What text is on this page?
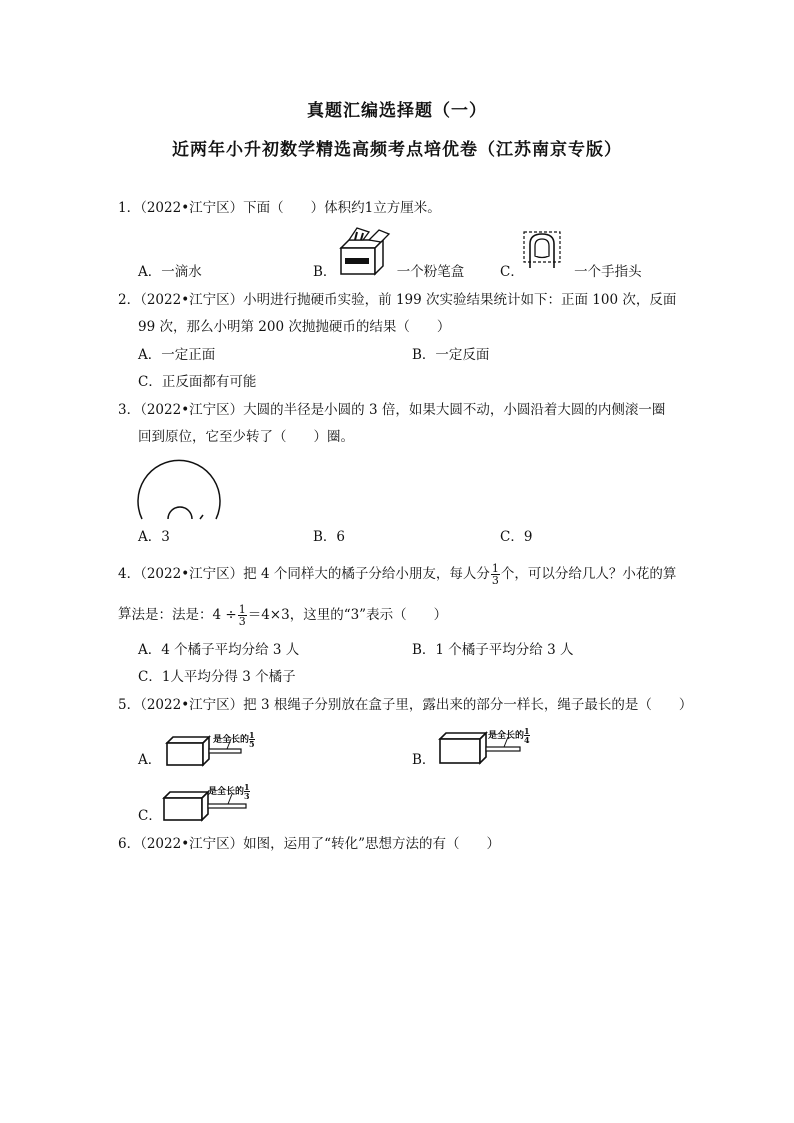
真题汇编选择题（一）
近两年小升初数学精选高频考点培优卷（江苏南京专版）
1．（2022•江宁区）下面（　　）体积约1立方厘米。
A．一滴水	B．	一个粉笔盒	C．	一个手指头
2．（2022•江宁区）小明进行抛硬币实验，前 199 次实验结果统计如下：正面 100 次，反面
99 次，那么小明第 200 次抛抛硬币的结果（　　）
A．一定正面	B．一定反面
C．正反面都有可能
3．（2022•江宁区）大圆的半径是小圆的 3 倍，如果大圆不动，小圆沿着大圆的内侧滚一圈
回到原位，它至少转了（　　）圈。
A．3	B．6	C．9
4．（2022•江宁区）把 4 个同样大的橘子分给小朋友，每人分 $\frac{1}{3}$ 个，可以分给几人？小花的算
算 法是：法是：$4 \div \frac{1}{3} =4\times 3$，这里的“3”表示（　　）
A．4 个橘子平均分给 3 人	B．1 个橘子平均分给 3 人
C．1人平均分得 3 个橘子
5．（2022•江宁区）把 3 根绳子分别放在盒子里，露出来的部分一样长，绳子最长的是（　　）
A．
是全长的 $\frac{1}{5}$
B．
是全长的 $\frac{1}{4}$
C．
是全长的 $\frac{1}{3}$
6．（2022•江宁区）如图，运用了“转化”思想方法的有（　　）
